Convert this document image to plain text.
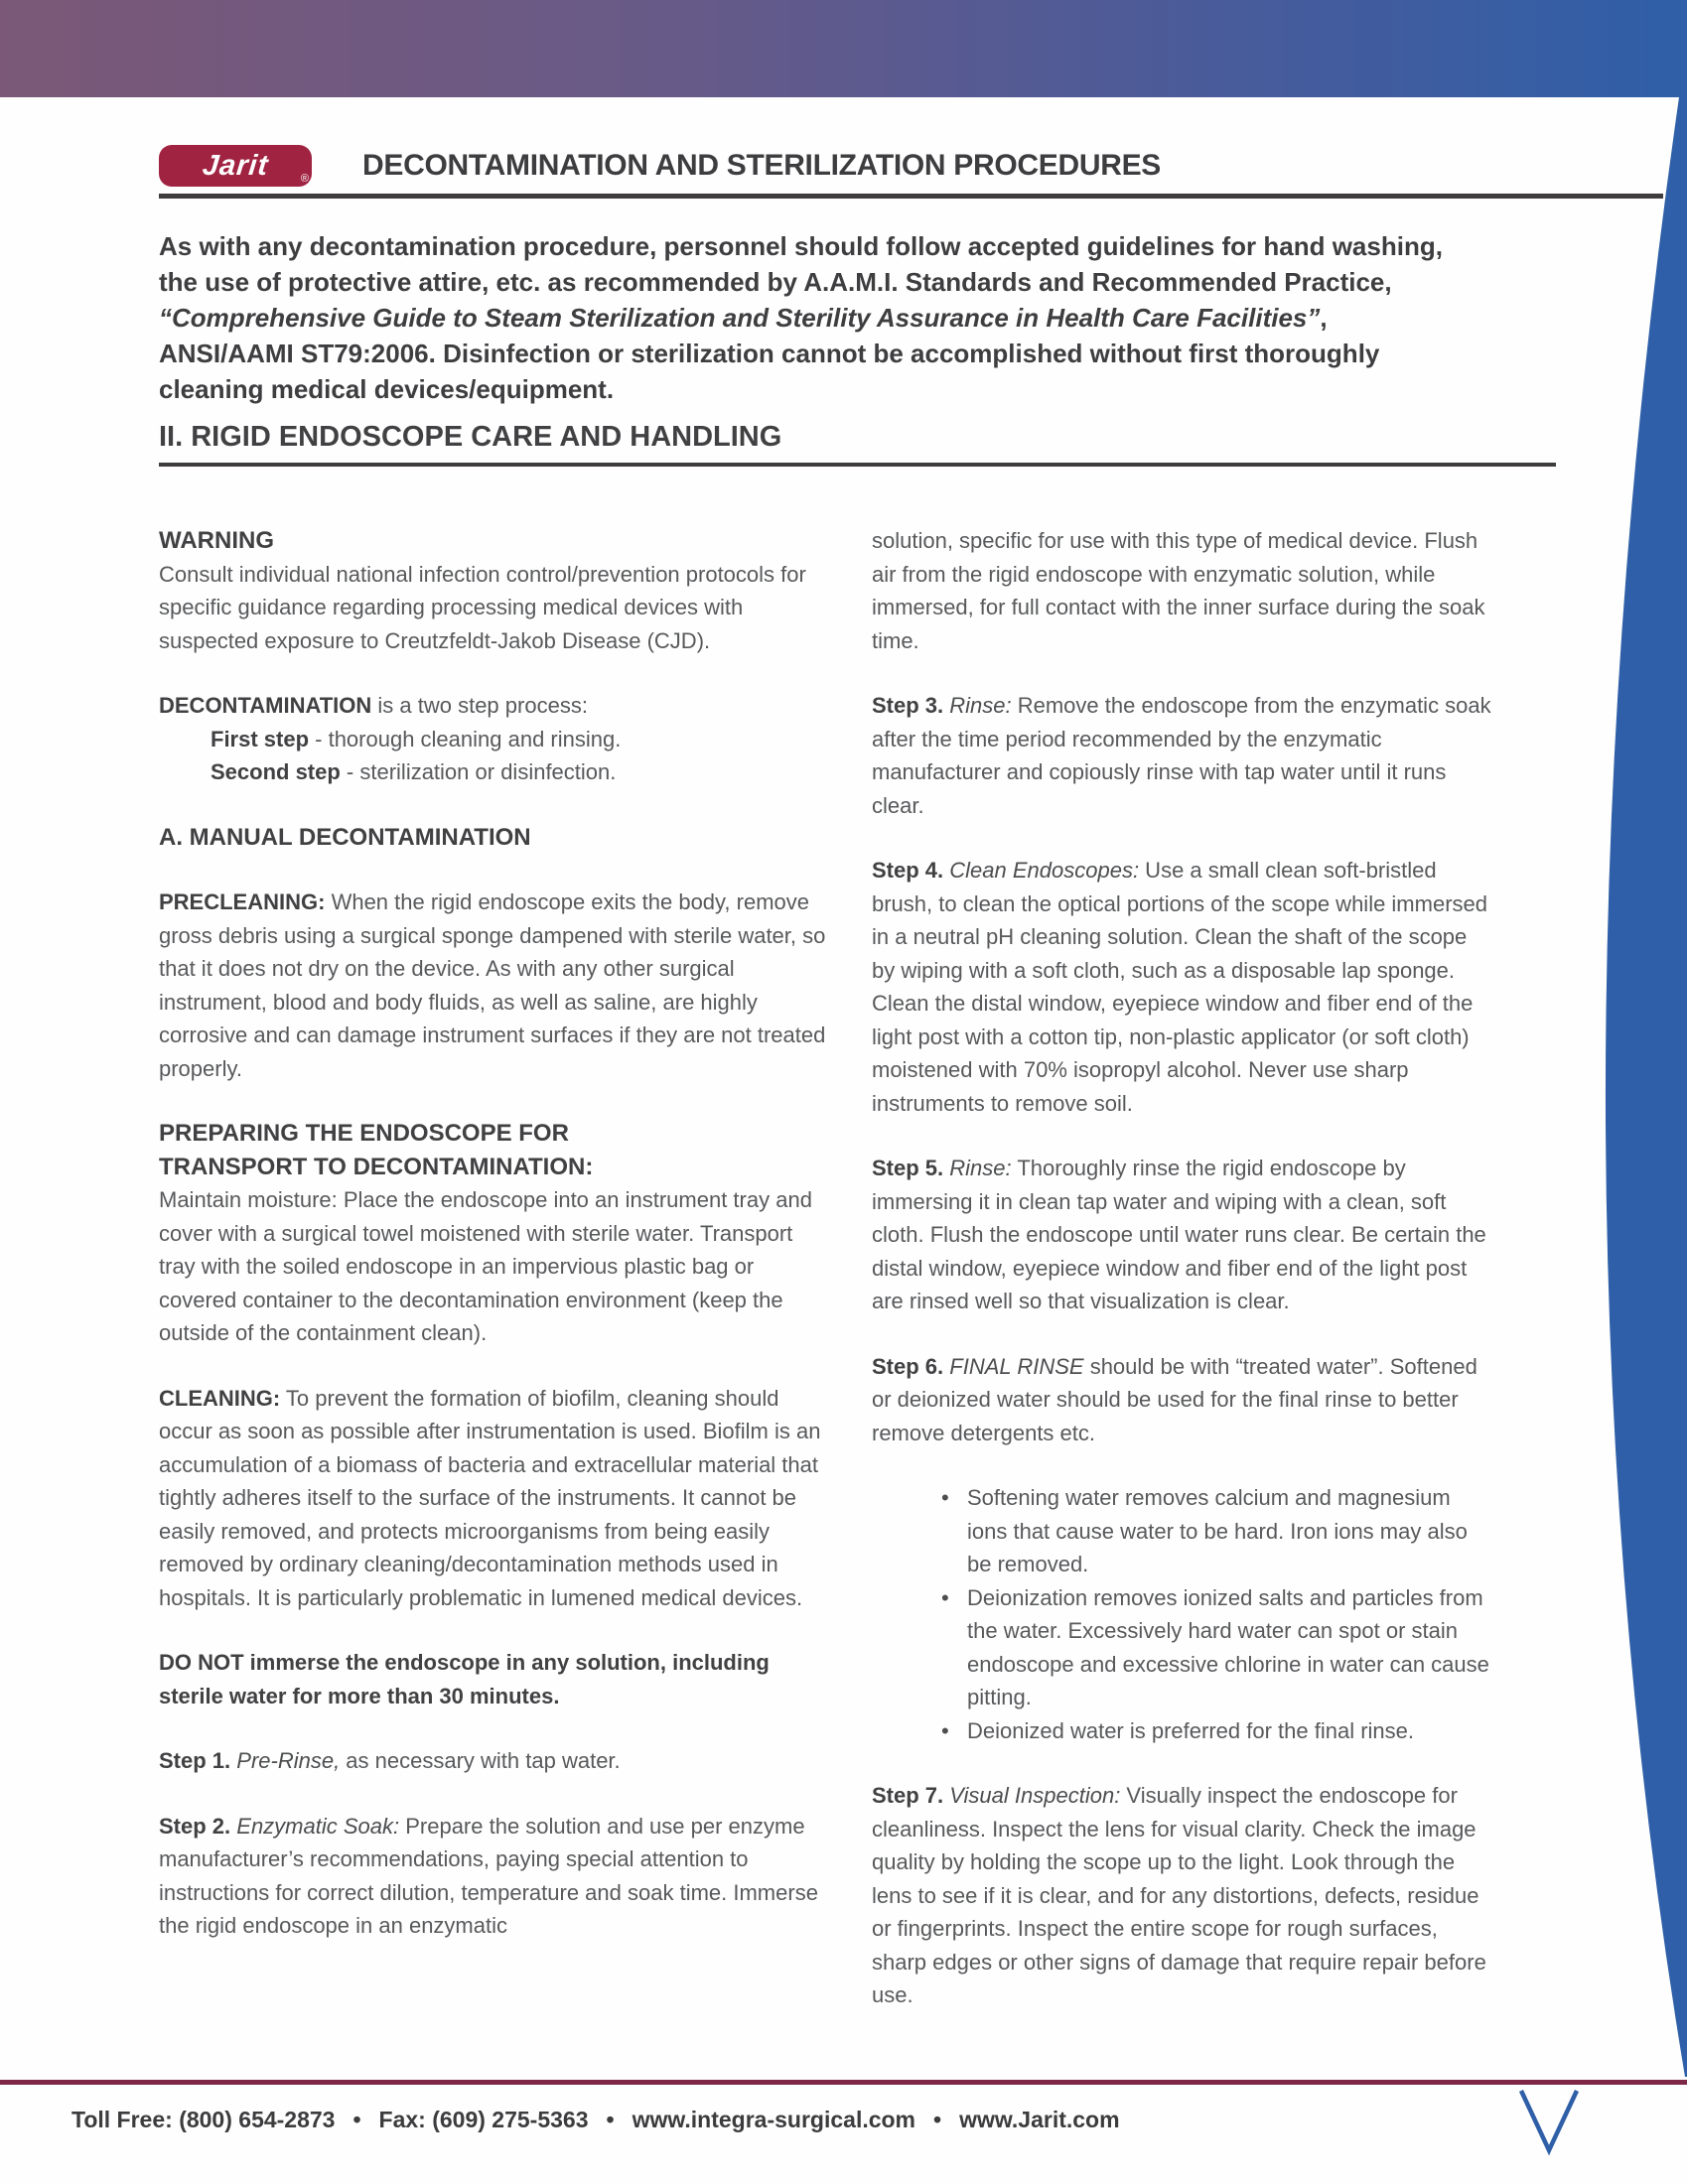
Jarit	® DECONTAMINATION AND STERILIZATION PROCEDURES
As with any decontamination procedure, personnel should follow accepted guidelines for hand washing, the use of protective attire, etc. as recommended by A.A.M.I. Standards and Recommended Practice, “Comprehensive Guide to Steam Sterilization and Sterility Assurance in Health Care Facilities”, ANSI/AAMI ST79:2006. Disinfection or sterilization cannot be accomplished without first thoroughly cleaning medical devices/equipment.
II. RIGID ENDOSCOPE CARE AND HANDLING
WARNING
Consult individual national infection control/prevention protocols for specific guidance regarding processing medical devices with suspected exposure to Creutzfeldt-Jakob Disease (CJD).
DECONTAMINATION is a two step process:
First step - thorough cleaning and rinsing.
Second step - sterilization or disinfection.
A. MANUAL DECONTAMINATION
PRECLEANING: When the rigid endoscope exits the body, remove gross debris using a surgical sponge dampened with sterile water, so that it does not dry on the device. As with any other surgical instrument, blood and body fluids, as well as saline, are highly corrosive and can damage instrument surfaces if they are not treated properly.
PREPARING THE ENDOSCOPE FOR
TRANSPORT TO DECONTAMINATION:
Maintain moisture: Place the endoscope into an instrument tray and cover with a surgical towel moistened with sterile water. Transport tray with the soiled endoscope in an impervious plastic bag or covered container to the decontamination environment (keep the outside of the containment clean).
CLEANING: To prevent the formation of biofilm, cleaning should occur as soon as possible after instrumentation is used. Biofilm is an accumulation of a biomass of bacteria and extracellular material that tightly adheres itself to the surface of the instruments. It cannot be easily removed, and protects microorganisms from being easily removed by ordinary cleaning/decontamination methods used in hospitals. It is particularly problematic in lumened medical devices.
DO NOT immerse the endoscope in any solution, including sterile water for more than 30 minutes.
Step 1. Pre-Rinse, as necessary with tap water.
Step 2. Enzymatic Soak: Prepare the solution and use per enzyme manufacturer’s recommendations, paying special attention to instructions for correct dilution, temperature and soak time. Immerse the rigid endoscope in an enzymatic
solution, specific for use with this type of medical device. Flush air from the rigid endoscope with enzymatic solution, while immersed, for full contact with the inner surface during the soak time.
Step 3. Rinse: Remove the endoscope from the enzymatic soak after the time period recommended by the enzymatic manufacturer and copiously rinse with tap water until it runs clear.
Step 4. Clean Endoscopes: Use a small clean soft-bristled brush, to clean the optical portions of the scope while immersed in a neutral pH cleaning solution. Clean the shaft of the scope by wiping with a soft cloth, such as a disposable lap sponge. Clean the distal window, eyepiece window and fiber end of the light post with a cotton tip, non-plastic applicator (or soft cloth) moistened with 70% isopropyl alcohol. Never use sharp instruments to remove soil.
Step 5. Rinse: Thoroughly rinse the rigid endoscope by immersing it in clean tap water and wiping with a clean, soft cloth. Flush the endoscope until water runs clear. Be certain the distal window, eyepiece window and fiber end of the light post are rinsed well so that visualization is clear.
Step 6. FINAL RINSE should be with “treated water”. Softened or deionized water should be used for the final rinse to better remove detergents etc.
• Softening water removes calcium and magnesium ions that cause water to be hard. Iron ions may also be removed.
• Deionization removes ionized salts and particles from the water. Excessively hard water can spot or stain endoscope and excessive chlorine in water can cause pitting.
• Deionized water is preferred for the final rinse.
Step 7. Visual Inspection: Visually inspect the endoscope for cleanliness. Inspect the lens for visual clarity. Check the image quality by holding the scope up to the light. Look through the lens to see if it is clear, and for any distortions, defects, residue or fingerprints. Inspect the entire scope for rough surfaces, sharp edges or other signs of damage that require repair before use.
Toll Free: (800) 654-2873 • Fax: (609) 275-5363 • www.integra-surgical.com • www.Jarit.com
